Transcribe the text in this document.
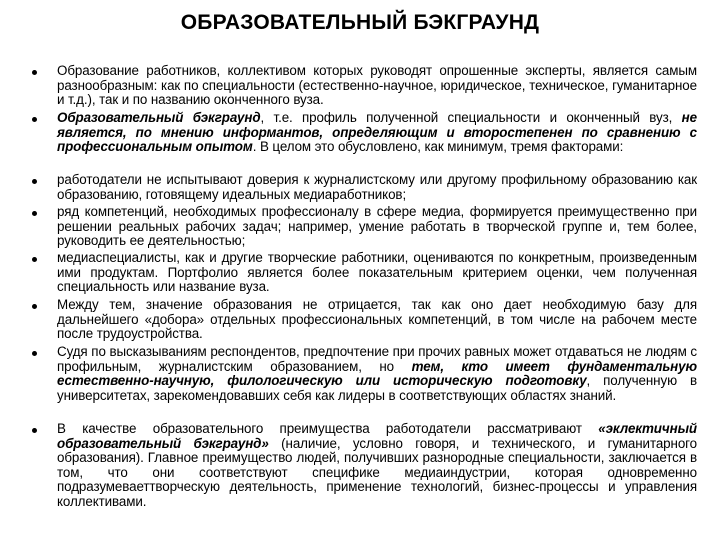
ОБРАЗОВАТЕЛЬНЫЙ БЭКГРАУНД
Образование работников, коллективом которых руководят опрошенные эксперты, является самым разнообразным: как по специальности (естественно-научное, юридическое, техническое, гуманитарное и т.д.), так и по названию оконченного вуза.
Образовательный бэкграунд, т.е. профиль полученной специальности и оконченный вуз, не является, по мнению информантов, определяющим и второстепенен по сравнению с профессиональным опытом. В целом это обусловлено, как минимум, тремя факторами:
работодатели не испытывают доверия к журналистскому или другому профильному образованию как образованию, готовящему идеальных медиаработников;
ряд компетенций, необходимых профессионалу в сфере медиа, формируется преимущественно при решении реальных рабочих задач; например, умение работать в творческой группе и, тем более, руководить ее деятельностью;
медиаспециалисты, как и другие творческие работники, оцениваются по конкретным, произведенным ими продуктам. Портфолио является более показательным критерием оценки, чем полученная специальность или название вуза.
Между тем, значение образования не отрицается, так как оно дает необходимую базу для дальнейшего «добора» отдельных профессиональных компетенций, в том числе на рабочем месте после трудоустройства.
Судя по высказываниям респондентов, предпочтение при прочих равных может отдаваться не людям с профильным, журналистским образованием, но тем, кто имеет фундаментальную естественно-научную, филологическую или историческую подготовку, полученную в университетах, зарекомендовавших себя как лидеры в соответствующих областях знаний.
В качестве образовательного преимущества работодатели рассматривают «эклектичный образовательный бэкграунд» (наличие, условно говоря, и технического, и гуманитарного образования). Главное преимущество людей, получивших разнородные специальности, заключается в том, что они соответствуют специфике медиаиндустрии, которая одновременно подразумеваеттворческую деятельность, применение технологий, бизнес-процессы и управления коллективами.
